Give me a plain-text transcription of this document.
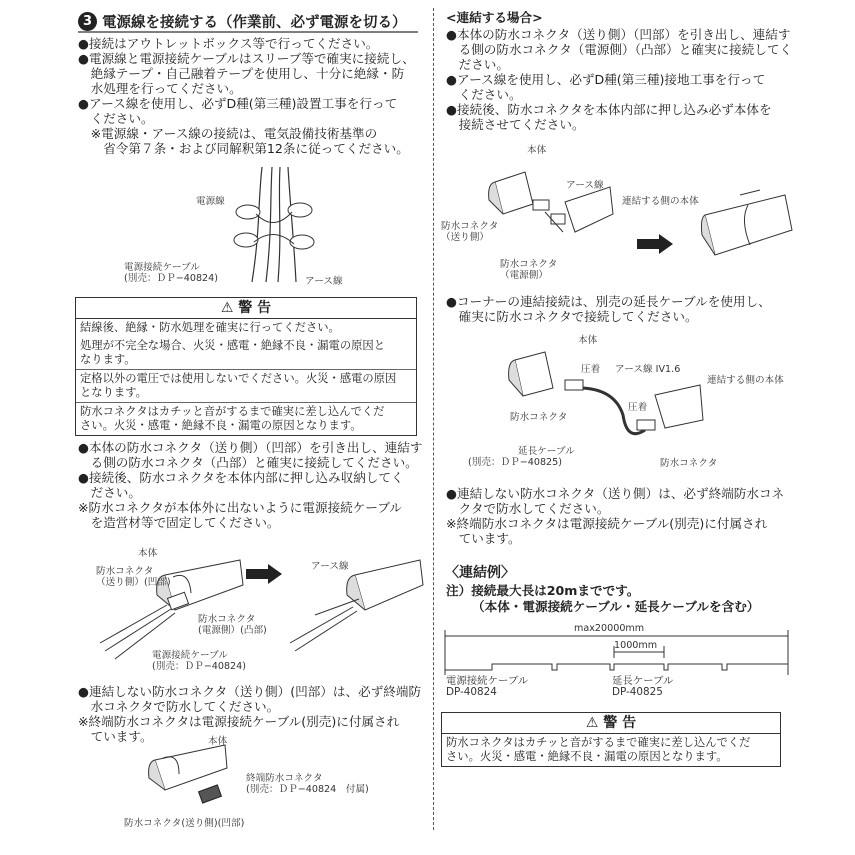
3 電源線を接続する（作業前、必ず電源を切る）
●接続はアウトレットボックス等で行ってください。
●電源線と電源接続ケーブルはスリーブ等で確実に接続し、
　絶縁テープ・自己融着テープを使用し、十分に絶縁・防
　水処理を行ってください。
●アース線を使用し、必ずD種(第三種)設置工事を行って
　ください。
　※電源線・アース線の接続は、電気設備技術基準の
　　省令第７条・および同解釈第12条に従ってください。
電源線
電源接続ケーブル
(別売：ＤＰ−40824)	アース線
⚠ 警 告
結線後、絶縁・防水処理を確実に行ってください。
処理が不完全な場合、火災・感電・絶縁不良・漏電の原因と
なります。
定格以外の電圧では使用しないでください。火災・感電の原因
となります。
防水コネクタはカチッと音がするまで確実に差し込んでくだ
さい。火災・感電・絶縁不良・漏電の原因となります。
●本体の防水コネクタ（送り側）（凹部）を引き出し、連結す
　る側の防水コネクタ（凸部）と確実に接続してください。
●接続後、防水コネクタを本体内部に押し込み収納してく
　ださい。
※防水コネクタが本体外に出ないように電源接続ケーブル
　を造営材等で固定してください。
本体
防水コネクタ
（送り側）(凹部)
防水コネクタ
(電源側）(凸部)
電源接続ケーブル
(別売：ＤＰ−40824)
アース線
●連結しない防水コネクタ（送り側）(凹部）は、必ず終端防
　水コネクタで防水してください。
※終端防水コネクタは電源接続ケーブル(別売)に付属され
　ています。	本体
終端防水コネクタ
(別売：ＤＰ−40824　付属)
防水コネクタ(送り側)(凹部)
<連結する場合>
●本体の防水コネクタ（送り側）（凹部）を引き出し、連結す
　る側の防水コネクタ（電源側）（凸部）と確実に接続してく
　ださい。
●アース線を使用し、必ずD種(第三種)接地工事を行って
　ください。
●接続後、防水コネクタを本体内部に押し込み必ず本体を
　接続させてください。
本体
アース線
連結する側の本体
防水コネクタ
（送り側）
防水コネクタ
（電源側）
●コーナーの連結接続は、別売の延長ケーブルを使用し、
　確実に防水コネクタで接続してください。
本体
圧着 アース線 IV1.6
連結する側の本体
防水コネクタ
圧着
延長ケーブル
(別売：ＤＰ−40825)	防水コネクタ
●連結しない防水コネクタ（送り側）は、必ず終端防水コネ
　クタで防水してください。
※終端防水コネクタは電源接続ケーブル(別売)に付属され
　ています。
〈連結例〉
注）接続最大長は20mまでです。
（本体・電源接続ケーブル・延長ケーブルを含む）
max20000mm
1000mm
電源接続ケーブル
DP-40824
延長ケーブル
DP-40825
⚠ 警 告
防水コネクタはカチッと音がするまで確実に差し込んでくだ
さい。火災・感電・絶縁不良・漏電の原因となります。
